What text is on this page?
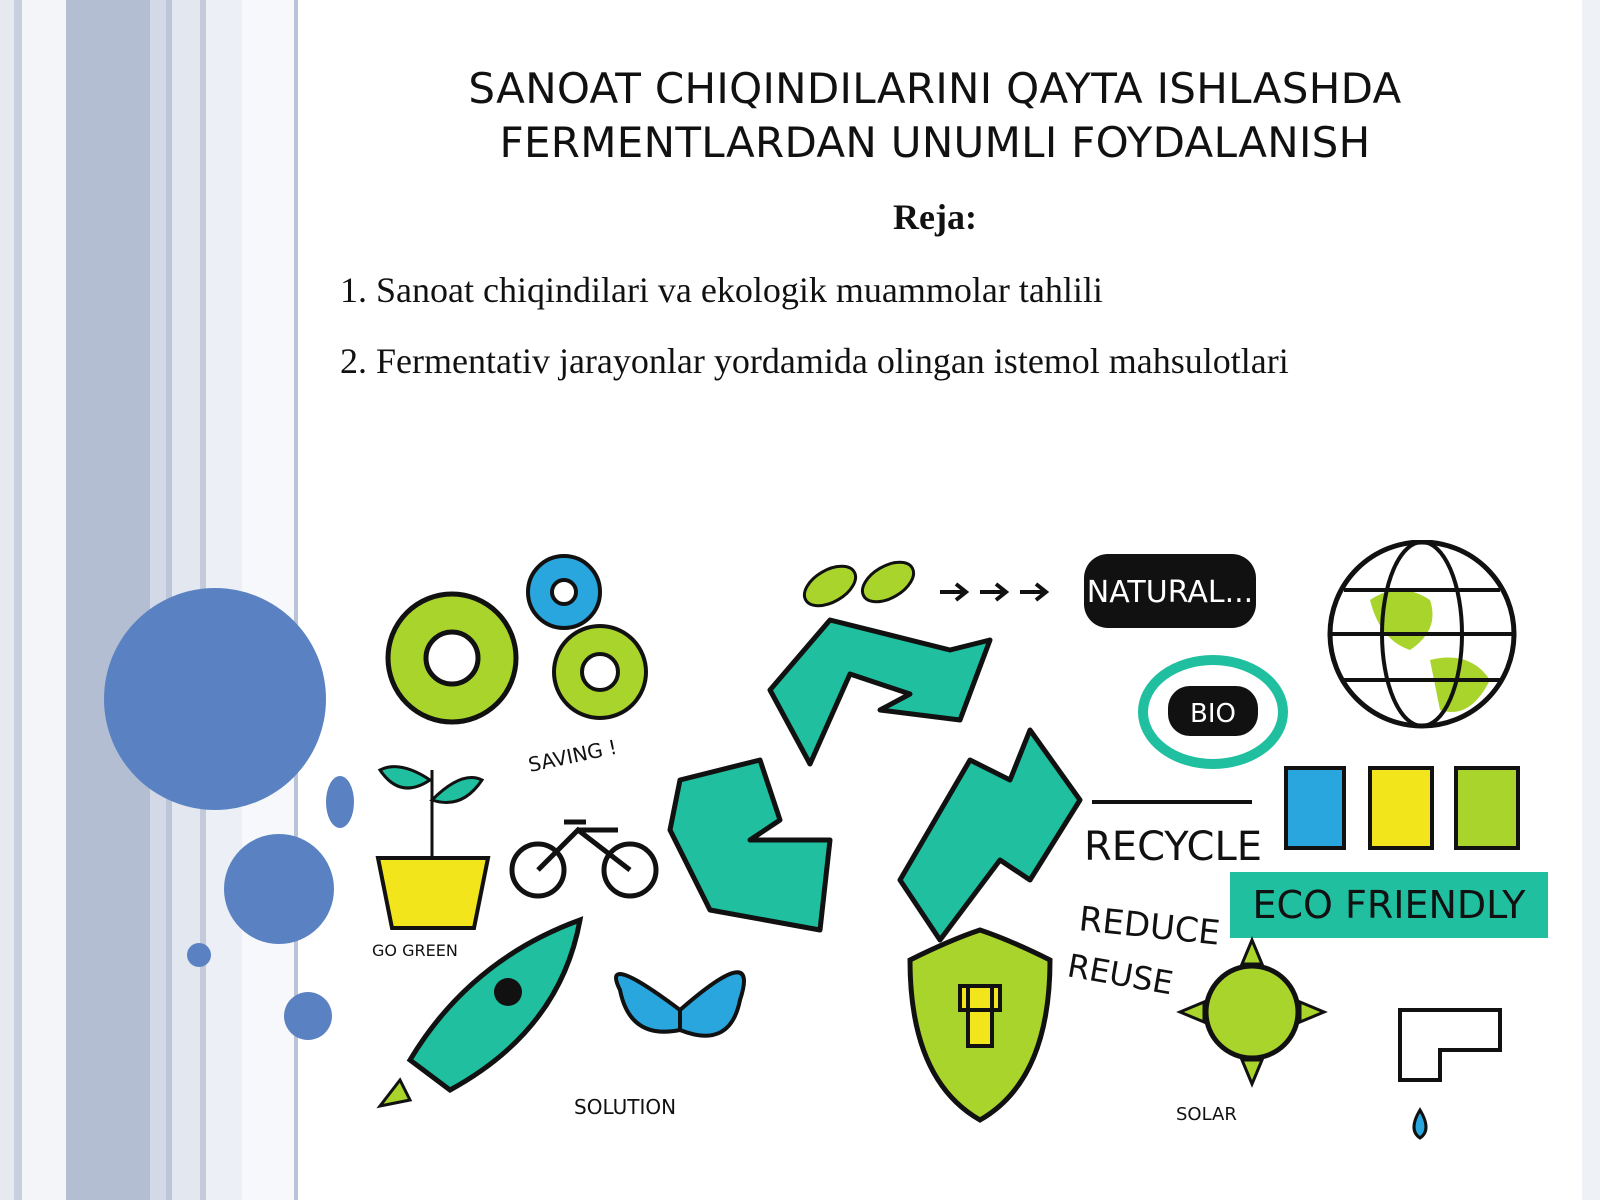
SANOAT CHIQINDILARINI QAYTA ISHLASHDA
FERMENTLARDAN UNUMLI FOYDALANISH
Reja:
1. Sanoat chiqindilari va ekologik muammolar tahlili
2. Fermentativ jarayonlar yordamida olingan istemol mahsulotlari
NATURAL...
BIO
SAVING !
GO GREEN
RECYCLE
REDUCE
REUSE
ECO FRIENDLY
SOLUTION	SOLAR
